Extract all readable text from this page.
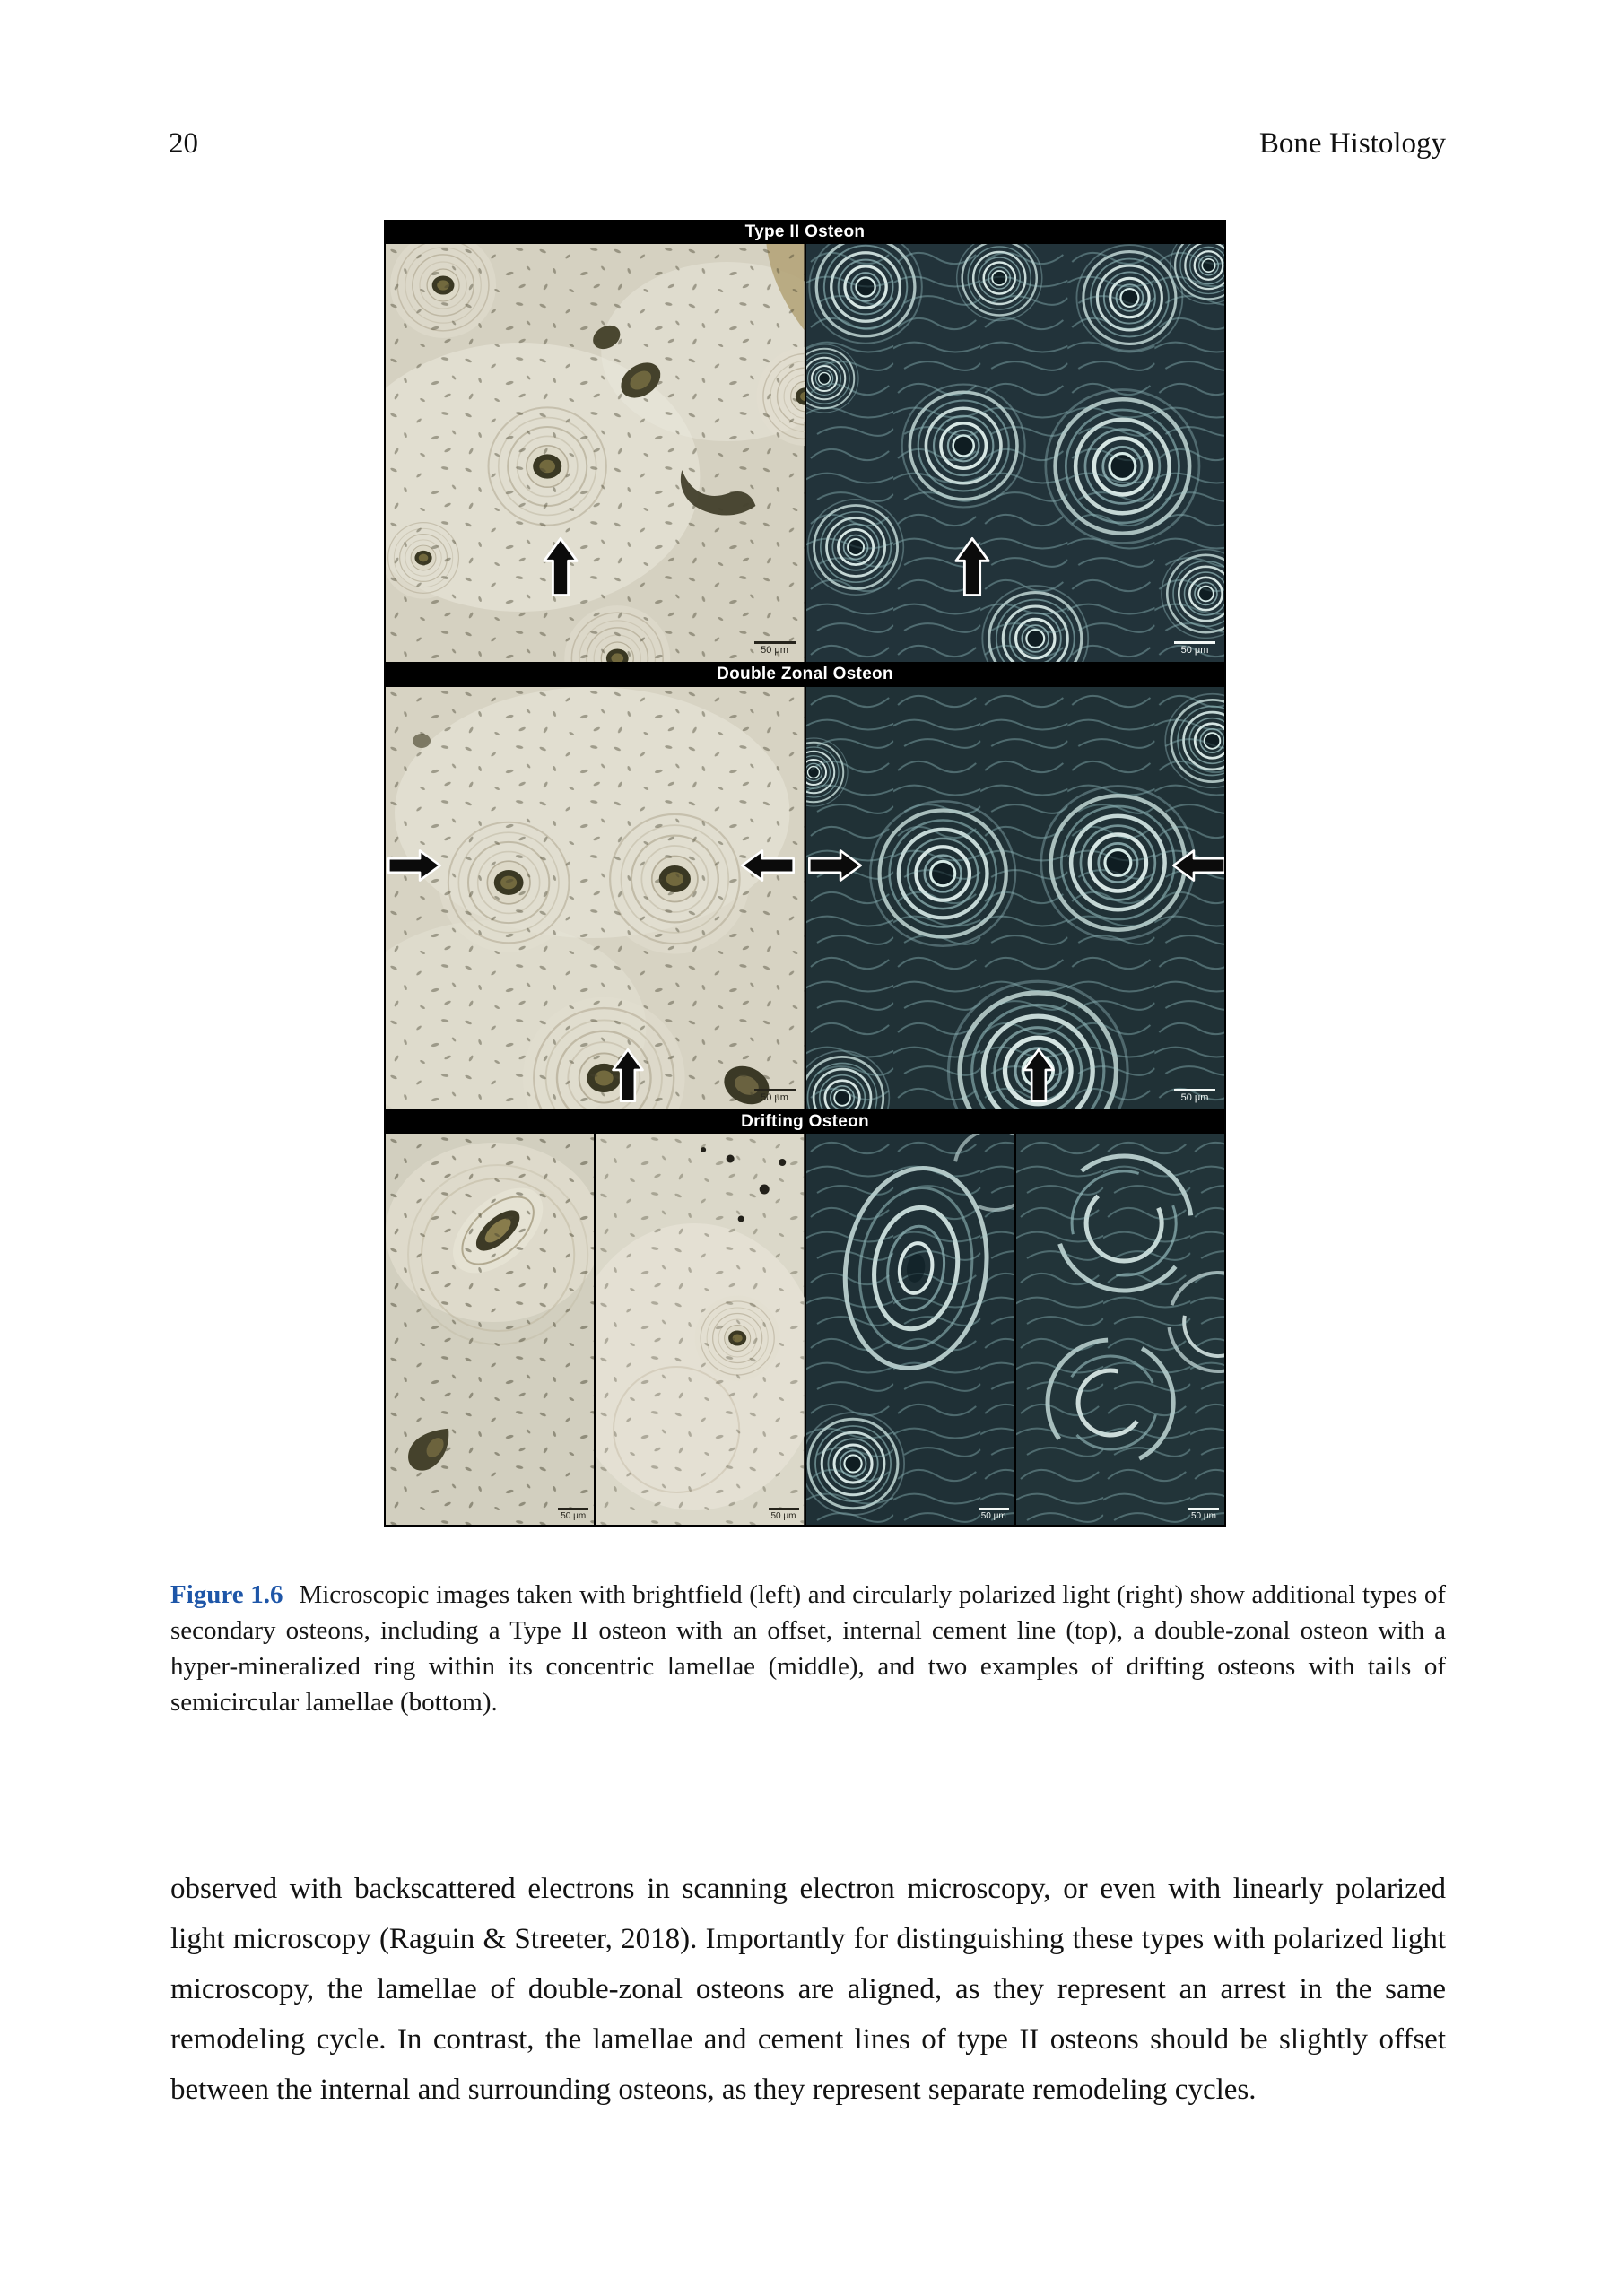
20	Bone Histology
Type II Osteon
50 μm	50 μm
Double Zonal Osteon
50 μm	50 μm
Drifting Osteon
50 μm	50 μm	50 μm	50 μm
Figure 1.6 Microscopic images taken with brightfield (left) and circularly polarized light (right) show additional types of secondary osteons, including a Type II osteon with an offset, internal cement line (top), a double-zonal osteon with a hyper-mineralized ring within its concentric lamellae (middle), and two examples of drifting osteons with tails of semicircular lamellae (bottom).

observed with backscattered electrons in scanning electron microscopy, or even with linearly polarized light microscopy (Raguin & Streeter, 2018). Importantly for distinguishing these types with polarized light microscopy, the lamellae of double-zonal osteons are aligned, as they represent an arrest in the same remodeling cycle. In contrast, the lamellae and cement lines of type II osteons should be slightly offset between the internal and surrounding osteons, as they represent separate remodeling cycles.
